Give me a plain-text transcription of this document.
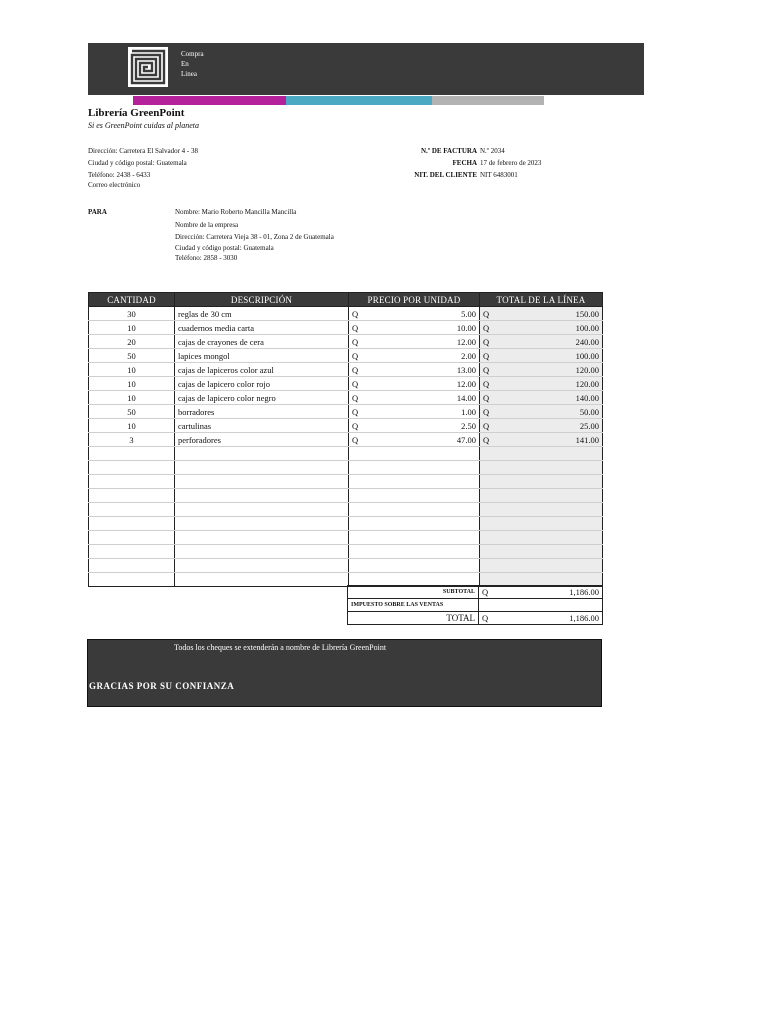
Compra
En
Linea
Librería GreenPoint
Si es GreenPoint cuidas al planeta
Dirección: Carretera El Salvador 4 - 38
Ciudad y código postal: Guatemala
Teléfono: 2438 - 6433
Correo electrónico
N.º DE FACTURA N.º 2034
FECHA 17 de febrero de 2023
NIT. DEL CLIENTE NIT 6483001
PARA	Nombre: Mario Roberto Mancilla Mancilla
Nombre de la empresa
Dirección: Carretera Vieja 38 - 01, Zona 2 de Guatemala
Ciudad y código postal: Guatemala
Teléfono: 2858 - 3030
CANTIDAD	DESCRIPCIÓN	PRECIO POR UNIDAD	TOTAL DE LA LÍNEA
30	reglas de 30 cm	Q 5.00	Q 150.00

10	cuadernos media carta	Q 10.00	Q 100.00

20	cajas de crayones de cera	Q 12.00	Q 240.00

50	lapices mongol	Q 2.00	Q 100.00

10	cajas de lapiceros color azul	Q 13.00	Q 120.00

10	cajas de lapicero color rojo	Q 12.00	Q 120.00

10	cajas de lapicero color negro	Q 14.00	Q 140.00

50	borradores	Q 1.00	Q 50.00

10	cartulinas	Q 2.50	Q 25.00

3	perforadores	Q 47.00	Q 141.00

SUBTOTAL	Q 1,186.00

IMPUESTO SOBRE LAS VENTAS	
TOTAL	Q 1,186.00
Todos los cheques se extenderán a nombre de Librería GreenPoint
GRACIAS POR SU CONFIANZA
